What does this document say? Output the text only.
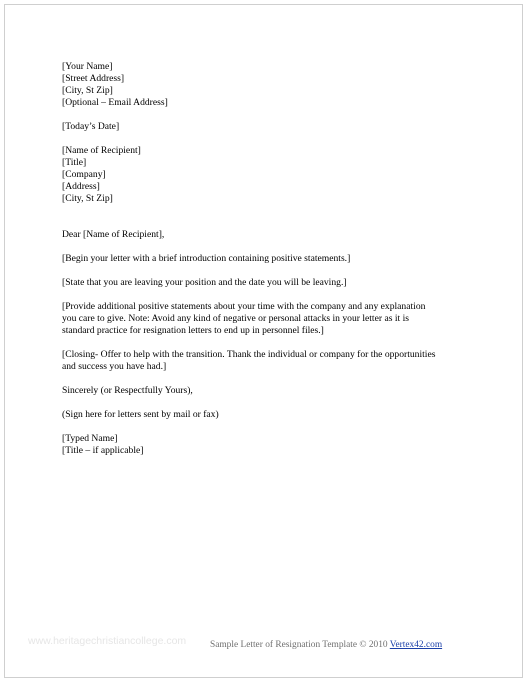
[Your Name]
[Street Address]
[City, St Zip]
[Optional – Email Address]
[Today’s Date]
[Name of Recipient]
[Title]
[Company]
[Address]
[City, St Zip]
Dear [Name of Recipient],
[Begin your letter with a brief introduction containing positive statements.]
[State that you are leaving your position and the date you will be leaving.]
[Provide additional positive statements about your time with the company and any explanation
you care to give. Note: Avoid any kind of negative or personal attacks in your letter as it is
standard practice for resignation letters to end up in personnel files.]
[Closing- Offer to help with the transition. Thank the individual or company for the opportunities
and success you have had.]
Sincerely (or Respectfully Yours),
(Sign here for letters sent by mail or fax)
[Typed Name]
[Title – if applicable]
www.heritagechristiancollege.com	Sample Letter of Resignation Template © 2010 Vertex42.com
